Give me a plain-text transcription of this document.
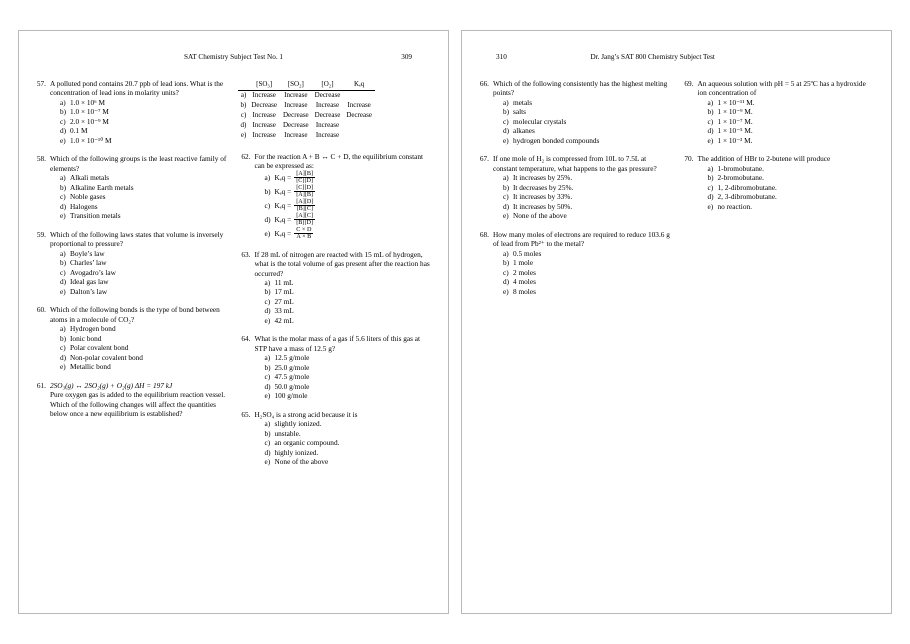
SAT Chemistry Subject Test No. 1	309
57. A polluted pond contains 20.7 ppb of lead ions. What is the concentration of lead ions in molarity units?

a) 1.0 × 10⁶ M
b) 1.0 × 10⁻⁷ M
c) 2.0 × 10⁻⁹ M
d) 0.1 M
e) 1.0 × 10⁻¹⁰ M
58. Which of the following groups is the least reactive family of elements?

a) Alkali metals
b) Alkaline Earth metals
c) Noble gases
d) Halogens
e) Transition metals
59. Which of the following laws states that volume is inversely proportional to pressure?

a) Boyle’s law
b) Charles’ law
c) Avogadro’s law
d) Ideal gas law
e) Dalton’s law
60. Which of the following bonds is the type of bond between atoms in a molecule of CO₂?

a) Hydrogen bond
b) Ionic bond
c) Polar covalent bond
d) Non-polar covalent bond
e) Metallic bond
61. 2SO₃(g) ↔ 2SO₂(g) + O₂(g) ΔH = 197 kJ

Pure oxygen gas is added to the equilibrium reaction vessel. Which of the following changes will affect the quantities below once a new equilibrium is established?

	[SO₃]	[SO₂]	[O₂]	Kₑq
a)	Increase	Increase	Decrease	
b)	Decrease	Increase	Increase	Increase
c)	Increase	Decrease	Decrease	Decrease
d)	Increase	Decrease	Increase	
e)	Increase	Increase	Increase	
62. For the reaction A + B ↔ C + D, the equilibrium constant can be expressed as:

a) $K_eq = \frac{[A][B]}{[C][D]}$
b) $K_eq = \frac{[C][D]}{[A][B]}$
c) $K_eq = \frac{[A][D]}{[B][C]}$
d) $K_eq = \frac{[A][C]}{[B][D]}$
e) $K_eq = \frac{C \times D}{A \times B}$
63. If 28 mL of nitrogen are reacted with 15 mL of hydrogen, what is the total volume of gas present after the reaction has occurred?

a) 11 mL
b) 17 mL
c) 27 mL
d) 33 mL
e) 42 mL
64. What is the molar mass of a gas if 5.6 liters of this gas at STP have a mass of 12.5 g?

a) 12.5 g/mole
b) 25.0 g/mole
c) 47.5 g/mole
d) 50.0 g/mole
e) 100 g/mole
65. H₂SO₄ is a strong acid because it is

a) slightly ionized.
b) unstable.
c) an organic compound.
d) highly ionized.
e) None of the above
310	Dr. Jang’s SAT 800 Chemistry Subject Test
66. Which of the following consistently has the highest melting points?

a) metals
b) salts
c) molecular crystals
d) alkanes
e) hydrogen bonded compounds
67. If one mole of H₂ is compressed from 10L to 7.5L at constant temperature, what happens to the gas pressure?

a) It increases by 25%.
b) It decreases by 25%.
c) It increases by 33%.
d) It increases by 50%.
e) None of the above
68. How many moles of electrons are required to reduce 103.6 g of lead from Pb²⁺ to the metal?

a) 0.5 moles
b) 1 mole
c) 2 moles
d) 4 moles
e) 8 moles
69. An aqueous solution with pH = 5 at 25ºC has a hydroxide ion concentration of

a) 1 × 10⁻¹¹ M.
b) 1 × 10⁻⁹ M.
c) 1 × 10⁻⁷ M.
d) 1 × 10⁻⁵ M.
e) 1 × 10⁻³ M.
70. The addition of HBr to 2-butene will produce

a) 1-bromobutane.
b) 2-bromobutane.
c) 1, 2-dibromobutane.
d) 2, 3-dibromobutane.
e) no reaction.
